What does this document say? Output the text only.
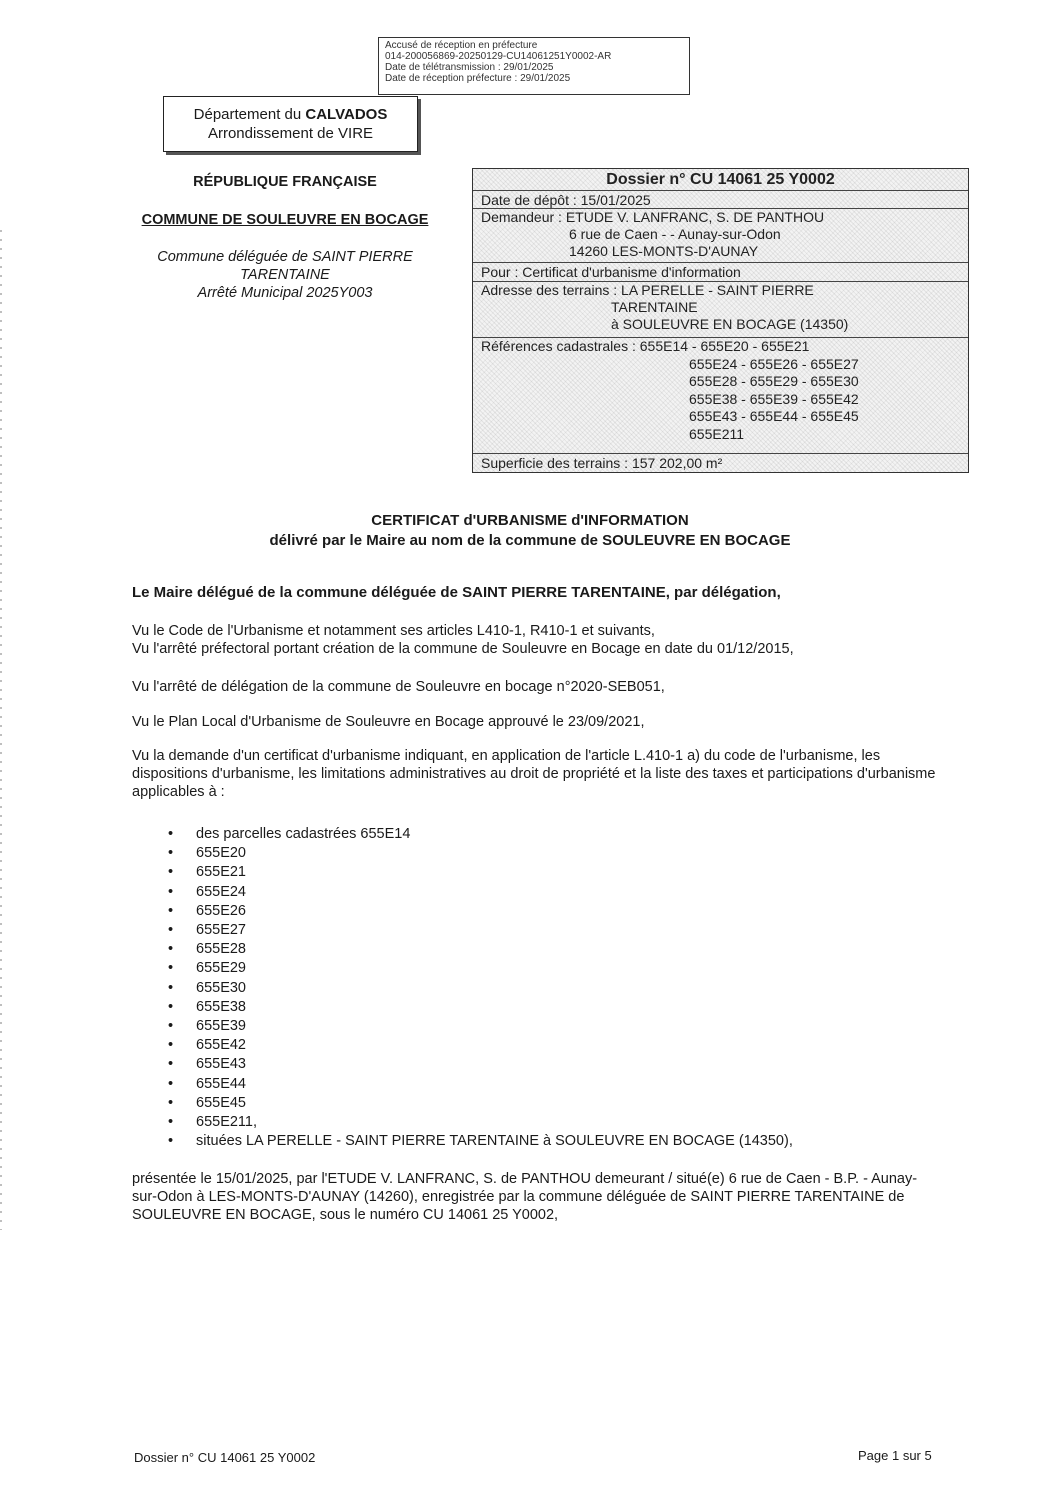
Accusé de réception en préfecture
014-200056869-20250129-CU14061251Y0002-AR
Date de télétransmission : 29/01/2025
Date de réception préfecture : 29/01/2025
Département du CALVADOS
Arrondissement de VIRE
RÉPUBLIQUE FRANÇAISE
COMMUNE DE SOULEUVRE EN BOCAGE
Commune déléguée de SAINT PIERRE
TARENTAINE
Arrêté Municipal 2025Y003
Dossier n° CU 14061 25 Y0002
Date de dépôt : 15/01/2025
Demandeur : ETUDE V. LANFRANC, S. DE PANTHOU
6 rue de Caen - - Aunay-sur-Odon
14260 LES-MONTS-D'AUNAY
Pour : Certificat d'urbanisme d'information
Adresse des terrains : LA PERELLE - SAINT PIERRE
TARENTAINE
à SOULEUVRE EN BOCAGE (14350)
Références cadastrales : 655E14 - 655E20 - 655E21
655E24 - 655E26 - 655E27
655E28 - 655E29 - 655E30
655E38 - 655E39 - 655E42
655E43 - 655E44 - 655E45
655E211
Superficie des terrains : 157 202,00 m²
CERTIFICAT d'URBANISME d'INFORMATION
délivré par le Maire au nom de la commune de SOULEUVRE EN BOCAGE
Le Maire délégué de la commune déléguée de SAINT PIERRE TARENTAINE, par délégation,
Vu le Code de l'Urbanisme et notamment ses articles L410-1, R410-1 et suivants,
Vu l'arrêté préfectoral portant création de la commune de Souleuvre en Bocage en date du 01/12/2015,
Vu l'arrêté de délégation de la commune de Souleuvre en bocage n°2020-SEB051,
Vu le Plan Local d'Urbanisme de Souleuvre en Bocage approuvé le 23/09/2021,
Vu la demande d'un certificat d'urbanisme indiquant, en application de l'article L.410-1 a) du code de l'urbanisme, les dispositions d'urbanisme, les limitations administratives au droit de propriété et la liste des taxes et participations d'urbanisme applicables à :
• des parcelles cadastrées 655E14
• 655E20
• 655E21
• 655E24
• 655E26
• 655E27
• 655E28
• 655E29
• 655E30
• 655E38
• 655E39
• 655E42
• 655E43
• 655E44
• 655E45
• 655E211,
• situées LA PERELLE - SAINT PIERRE TARENTAINE à SOULEUVRE EN BOCAGE (14350),
présentée le 15/01/2025, par l'ETUDE V. LANFRANC, S. de PANTHOU demeurant / situé(e) 6 rue de Caen - B.P. - Aunay-sur-Odon à LES-MONTS-D'AUNAY (14260), enregistrée par la commune déléguée de SAINT PIERRE TARENTAINE de SOULEUVRE EN BOCAGE, sous le numéro CU 14061 25 Y0002,
Dossier n° CU 14061 25 Y0002	Page 1 sur 5
